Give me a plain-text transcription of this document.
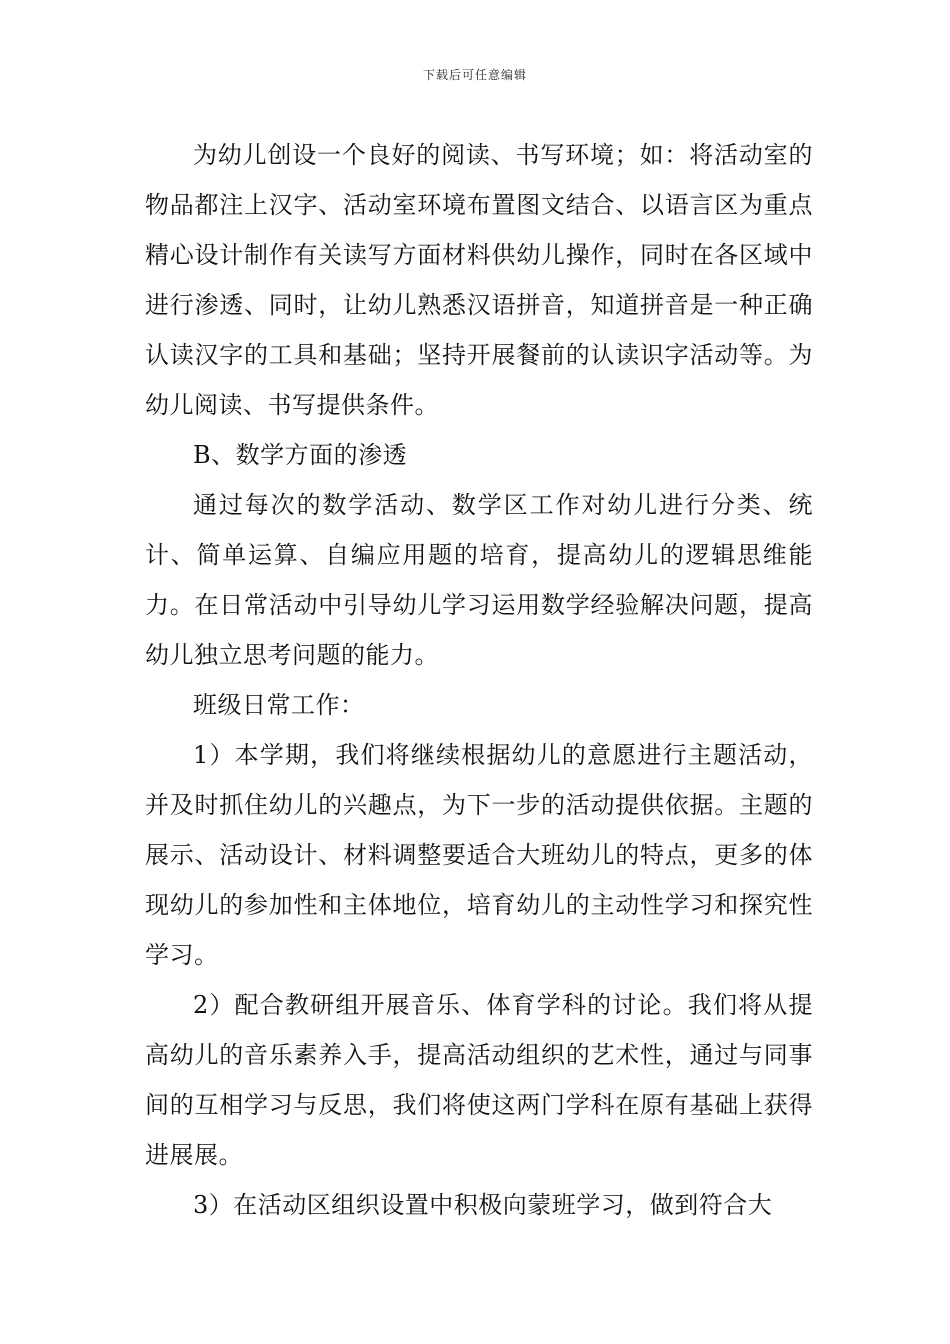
下载后可任意编辑

为幼儿创设一个良好的阅读、书写环境；如：将活动室的物品都注上汉字、活动室环境布置图文结合、以语言区为重点精心设计制作有关读写方面材料供幼儿操作，同时在各区域中进行渗透、同时，让幼儿熟悉汉语拼音，知道拼音是一种正确认读汉字的工具和基础；坚持开展餐前的认读识字活动等。为幼儿阅读、书写提供条件。

B、数学方面的渗透

通过每次的数学活动、数学区工作对幼儿进行分类、统计、简单运算、自编应用题的培育，提高幼儿的逻辑思维能力。在日常活动中引导幼儿学习运用数学经验解决问题，提高幼儿独立思考问题的能力。

班级日常工作：

1）本学期，我们将继续根据幼儿的意愿进行主题活动，并及时抓住幼儿的兴趣点，为下一步的活动提供依据。主题的展示、活动设计、材料调整要适合大班幼儿的特点，更多的体现幼儿的参加性和主体地位，培育幼儿的主动性学习和探究性学习。

2）配合教研组开展音乐、体育学科的讨论。我们将从提高幼儿的音乐素养入手，提高活动组织的艺术性，通过与同事间的互相学习与反思，我们将使这两门学科在原有基础上获得进展展。

3）在活动区组织设置中积极向蒙班学习，做到符合大
